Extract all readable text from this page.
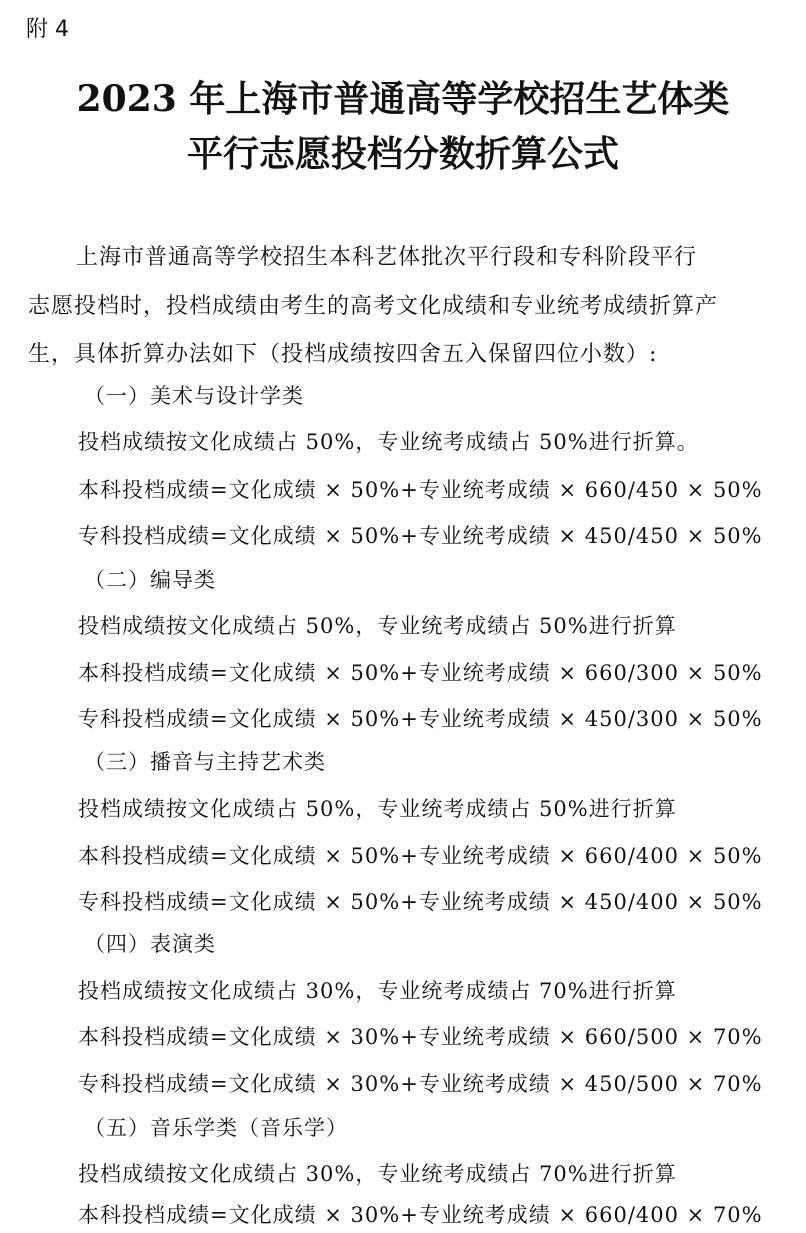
附 4
2023 年上海市普通高等学校招生艺体类
平行志愿投档分数折算公式
上海市普通高等学校招生本科艺体批次平行段和专科阶段平行
志愿投档时，投档成绩由考生的高考文化成绩和专业统考成绩折算产
生，具体折算办法如下（投档成绩按四舍五入保留四位小数）:
（一）美术与设计学类
投档成绩按文化成绩占 50%，专业统考成绩占 50%进行折算。
本科投档成绩=文化成绩 × 50%+专业统考成绩 × 660/450 × 50%
专科投档成绩=文化成绩 × 50%+专业统考成绩 × 450/450 × 50%
（二）编导类
投档成绩按文化成绩占 50%，专业统考成绩占 50%进行折算
本科投档成绩=文化成绩 × 50%+专业统考成绩 × 660/300 × 50%
专科投档成绩=文化成绩 × 50%+专业统考成绩 × 450/300 × 50%
（三）播音与主持艺术类
投档成绩按文化成绩占 50%，专业统考成绩占 50%进行折算
本科投档成绩=文化成绩 × 50%+专业统考成绩 × 660/400 × 50%
专科投档成绩=文化成绩 × 50%+专业统考成绩 × 450/400 × 50%
（四）表演类
投档成绩按文化成绩占 30%，专业统考成绩占 70%进行折算
本科投档成绩=文化成绩 × 30%+专业统考成绩 × 660/500 × 70%
专科投档成绩=文化成绩 × 30%+专业统考成绩 × 450/500 × 70%
（五）音乐学类（音乐学）
投档成绩按文化成绩占 30%，专业统考成绩占 70%进行折算
本科投档成绩=文化成绩 × 30%+专业统考成绩 × 660/400 × 70%
